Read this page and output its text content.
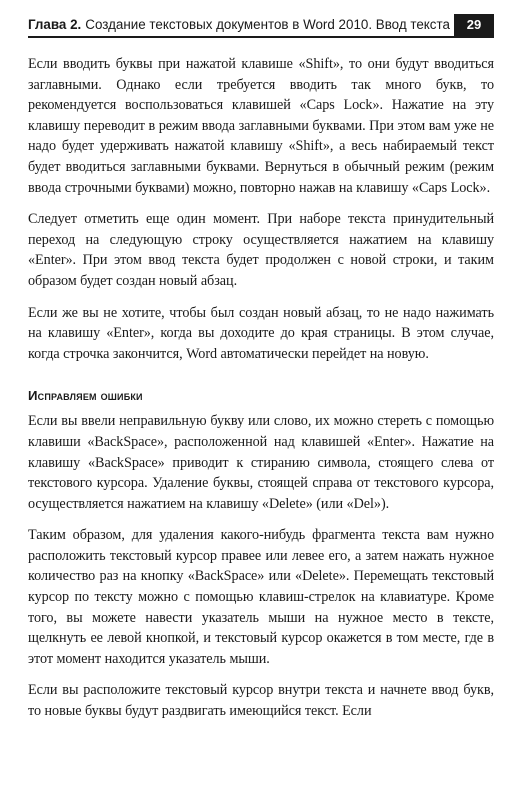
Глава 2. Создание текстовых документов в Word 2010. Ввод текста	29

Если вводить буквы при нажатой клавише «Shift», то они будут вводиться заглавными. Однако если требуется вводить так много букв, то рекомендуется воспользоваться клавишей «Caps Lock». Нажатие на эту клавишу переводит в режим ввода заглавными буквами. При этом вам уже не надо будет удерживать нажатой клавишу «Shift», а весь набираемый текст будет вводиться заглавными буквами. Вернуться в обычный режим (режим ввода строчными буквами) можно, повторно нажав на клавишу «Caps Lock».

Следует отметить еще один момент. При наборе текста принудительный переход на следующую строку осуществляется нажатием на клавишу «Enter». При этом ввод текста будет продолжен с новой строки, и таким образом будет создан новый абзац.

Если же вы не хотите, чтобы был создан новый абзац, то не надо нажимать на клавишу «Enter», когда вы доходите до края страницы. В этом случае, когда строчка закончится, Word автоматически перейдет на новую.

Исправляем ошибки

Если вы ввели неправильную букву или слово, их можно стереть с помощью клавиши «BackSpace», расположенной над клавишей «Enter». Нажатие на клавишу «BackSpace» приводит к стиранию символа, стоящего слева от текстового курсора. Удаление буквы, стоящей справа от текстового курсора, осуществляется нажатием на клавишу «Delete» (или «Del»).

Таким образом, для удаления какого-нибудь фрагмента текста вам нужно расположить текстовый курсор правее или левее его, а затем нажать нужное количество раз на кнопку «BackSpace» или «Delete». Перемещать текстовый курсор по тексту можно с помощью клавиш-стрелок на клавиатуре. Кроме того, вы можете навести указатель мыши на нужное место в тексте, щелкнуть ее левой кнопкой, и текстовый курсор окажется в том месте, где в этот момент находится указатель мыши.

Если вы расположите текстовый курсор внутри текста и начнете ввод букв, то новые буквы будут раздвигать имеющийся текст. Если
